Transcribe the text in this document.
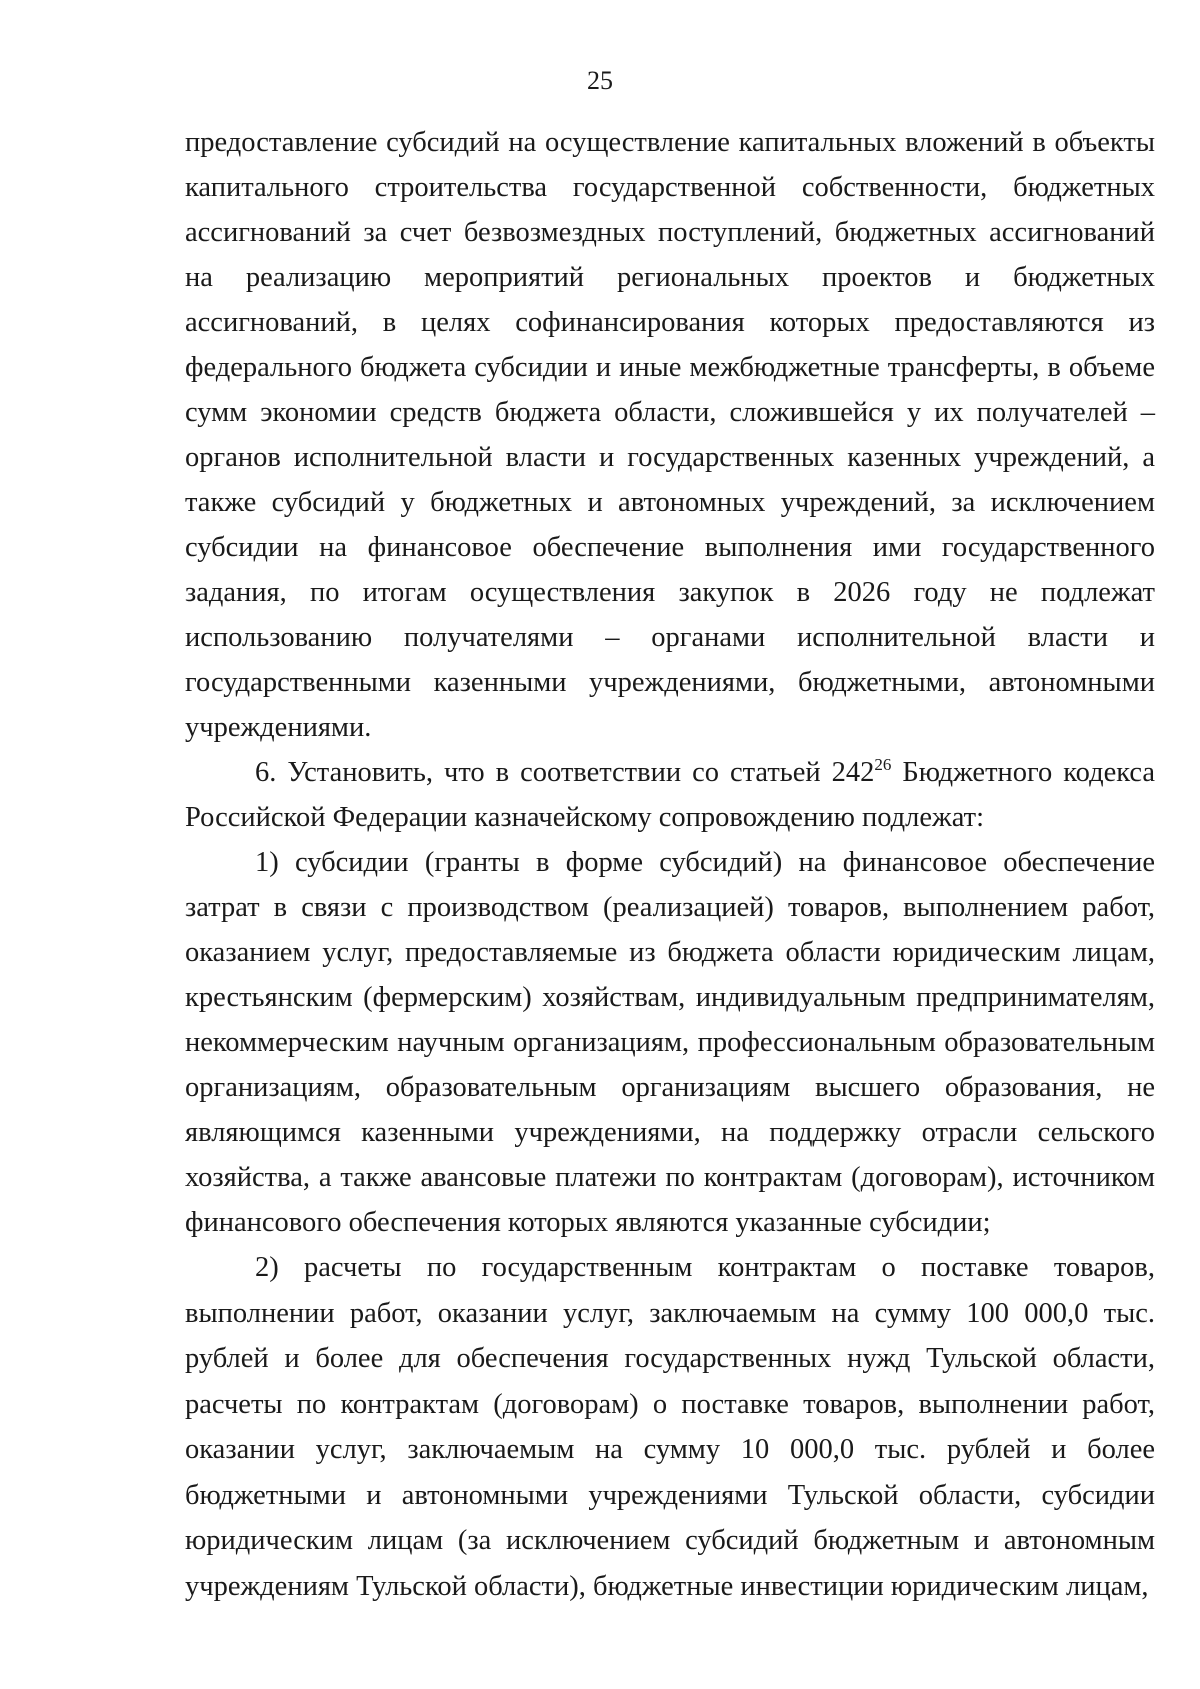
25

предоставление субсидий на осуществление капитальных вложений в объекты капитального строительства государственной собственности, бюджетных ассигнований за счет безвозмездных поступлений, бюджетных ассигнований на реализацию мероприятий региональных проектов и бюджетных ассигнований, в целях софинансирования которых предоставляются из федерального бюджета субсидии и иные межбюджетные трансферты, в объеме сумм экономии средств бюджета области, сложившейся у их получателей – органов исполнительной власти и государственных казенных учреждений, а также субсидий у бюджетных и автономных учреждений, за исключением субсидии на финансовое обеспечение выполнения ими государственного задания, по итогам осуществления закупок в 2026 году не подлежат использованию получателями – органами исполнительной власти и государственными казенными учреждениями, бюджетными, автономными учреждениями.

6. Установить, что в соответствии со статьей $242^{26}$ Бюджетного кодекса Российской Федерации казначейскому сопровождению подлежат:

1) субсидии (гранты в форме субсидий) на финансовое обеспечение затрат в связи с производством (реализацией) товаров, выполнением работ, оказанием услуг, предоставляемые из бюджета области юридическим лицам, крестьянским (фермерским) хозяйствам, индивидуальным предпринимателям, некоммерческим научным организациям, профессиональным образовательным организациям, образовательным организациям высшего образования, не являющимся казенными учреждениями, на поддержку отрасли сельского хозяйства, а также авансовые платежи по контрактам (договорам), источником финансового обеспечения которых являются указанные субсидии;

2) расчеты по государственным контрактам о поставке товаров, выполнении работ, оказании услуг, заключаемым на сумму 100 000,0 тыс. рублей и более для обеспечения государственных нужд Тульской области, расчеты по контрактам (договорам) о поставке товаров, выполнении работ, оказании услуг, заключаемым на сумму 10 000,0 тыс. рублей и более бюджетными и автономными учреждениями Тульской области, субсидии юридическим лицам (за исключением субсидий бюджетным и автономным учреждениям Тульской области), бюджетные инвестиции юридическим лицам,
